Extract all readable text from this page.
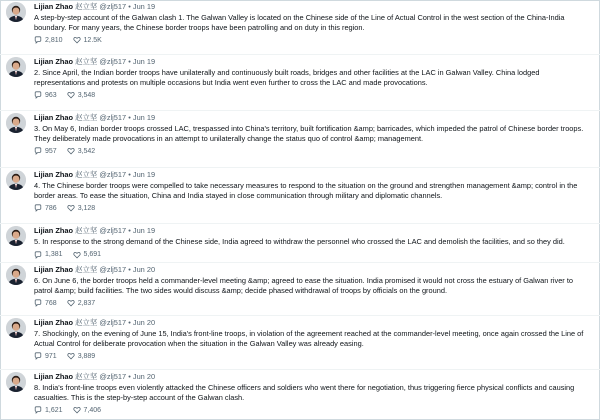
Lijian Zhao 赵立坚 @zlj517 • Jun 19
A step-by-step account of the Galwan clash 1. The Galwan Valley is located on the Chinese side of the Line of Actual Control in the west section of the China-India boundary. For many years, the Chinese border troops have been patrolling and on duty in this region.
2,810	12.5K
Lijian Zhao 赵立坚 @zlj517 • Jun 19
2. Since April, the Indian border troops have unilaterally and continuously built roads, bridges and other facilities at the LAC in Galwan Valley. China lodged representations and protests on multiple occasions but India went even further to cross the LAC and made provocations.
963	3,548
Lijian Zhao 赵立坚 @zlj517 • Jun 19
3. On May 6, Indian border troops crossed LAC, trespassed into China's territory, built fortification &amp; barricades, which impeded the patrol of Chinese border troops. They deliberately made provocations in an attempt to unilaterally change the status quo of control &amp; management.
957	3,542
Lijian Zhao 赵立坚 @zlj517 • Jun 19
4. The Chinese border troops were compelled to take necessary measures to respond to the situation on the ground and strengthen management &amp; control in the border areas. To ease the situation, China and India stayed in close communication through military and diplomatic channels.
786	3,128
Lijian Zhao 赵立坚 @zlj517 • Jun 19
5. In response to the strong demand of the Chinese side, India agreed to withdraw the personnel who crossed the LAC and demolish the facilities, and so they did.
1,381	5,691
Lijian Zhao 赵立坚 @zlj517 • Jun 20
6. On June 6, the border troops held a commander-level meeting &amp; agreed to ease the situation. India promised it would not cross the estuary of Galwan river to patrol &amp; build facilities. The two sides would discuss &amp; decide phased withdrawal of troops by officials on the ground.
768	2,837
Lijian Zhao 赵立坚 @zlj517 • Jun 20
7. Shockingly, on the evening of June 15, India's front-line troops, in violation of the agreement reached at the commander-level meeting, once again crossed the Line of Actual Control for deliberate provocation when the situation in the Galwan Valley was already easing.
971	3,889
Lijian Zhao 赵立坚 @zlj517 • Jun 20
8. India's front-line troops even violently attacked the Chinese officers and soldiers who went there for negotiation, thus triggering fierce physical conflicts and causing casualties. This is the step-by-step account of the Galwan clash.
1,621	7,406
